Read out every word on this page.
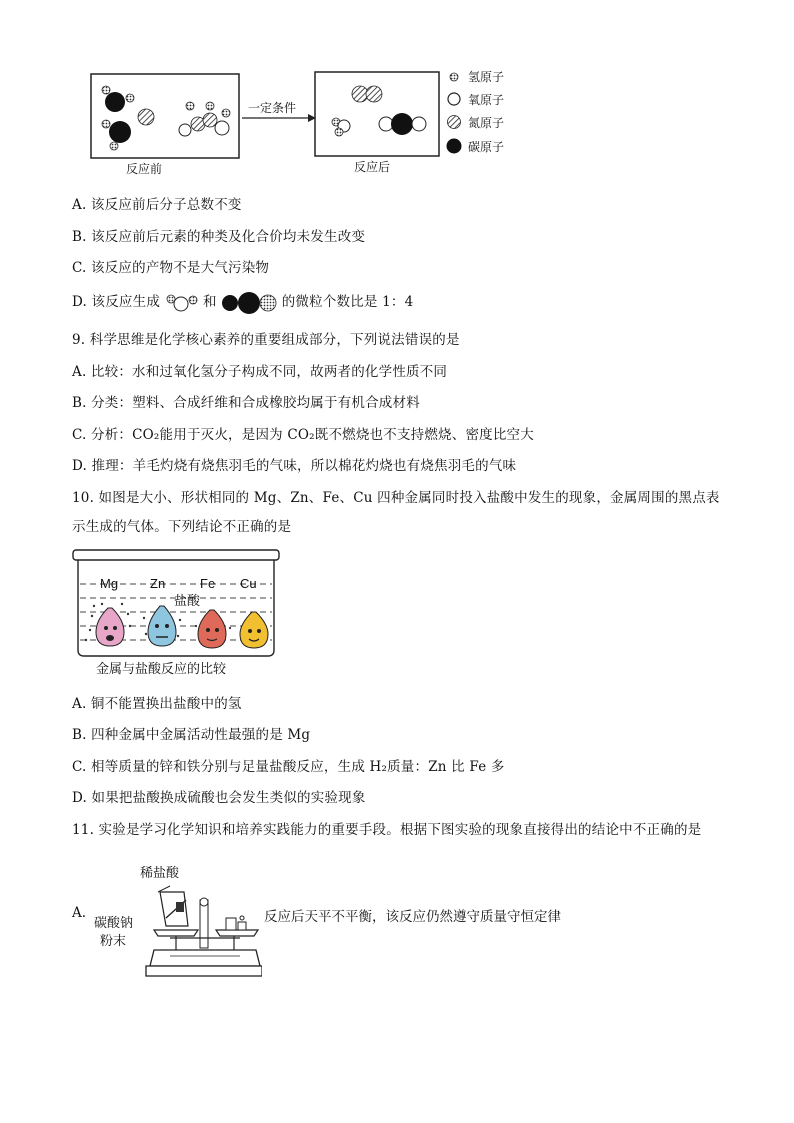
反应前	反应后
一定条件
氢原子
氧原子
氮原子
碳原子
A. 该反应前后分子总数不变
B. 该反应前后元素的种类及化合价均未发生改变
C. 该反应的产物不是大气污染物
D. 该反应生成	和	的微粒个数比是 1：4
9. 科学思维是化学核心素养的重要组成部分，下列说法错误的是
A. 比较：水和过氧化氢分子构成不同，故两者的化学性质不同
B. 分类：塑料、合成纤维和合成橡胶均属于有机合成材料
C. 分析：CO₂能用于灭火，是因为 CO₂既不燃烧也不支持燃烧、密度比空大
D. 推理：羊毛灼烧有烧焦羽毛的气味，所以棉花灼烧也有烧焦羽毛的气味
10. 如图是大小、形状相同的 Mg、Zn、Fe、Cu 四种金属同时投入盐酸中发生的现象，金属周围的黑点表
示生成的气体。下列结论不正确的是
Mg Zn	Fe Cu
盐酸
金属与盐酸反应的比较
A. 铜不能置换出盐酸中的氢
B. 四种金属中金属活动性最强的是 Mg
C. 相等质量的锌和铁分别与足量盐酸反应，生成 H₂质量：Zn 比 Fe 多
D. 如果把盐酸换成硫酸也会发生类似的实验现象
11. 实验是学习化学知识和培养实践能力的重要手段。根据下图实验的现象直接得出的结论中不正确的是
A.
稀盐酸
碳酸钠
粉末
反应后天平不平衡，该反应仍然遵守质量守恒定律
